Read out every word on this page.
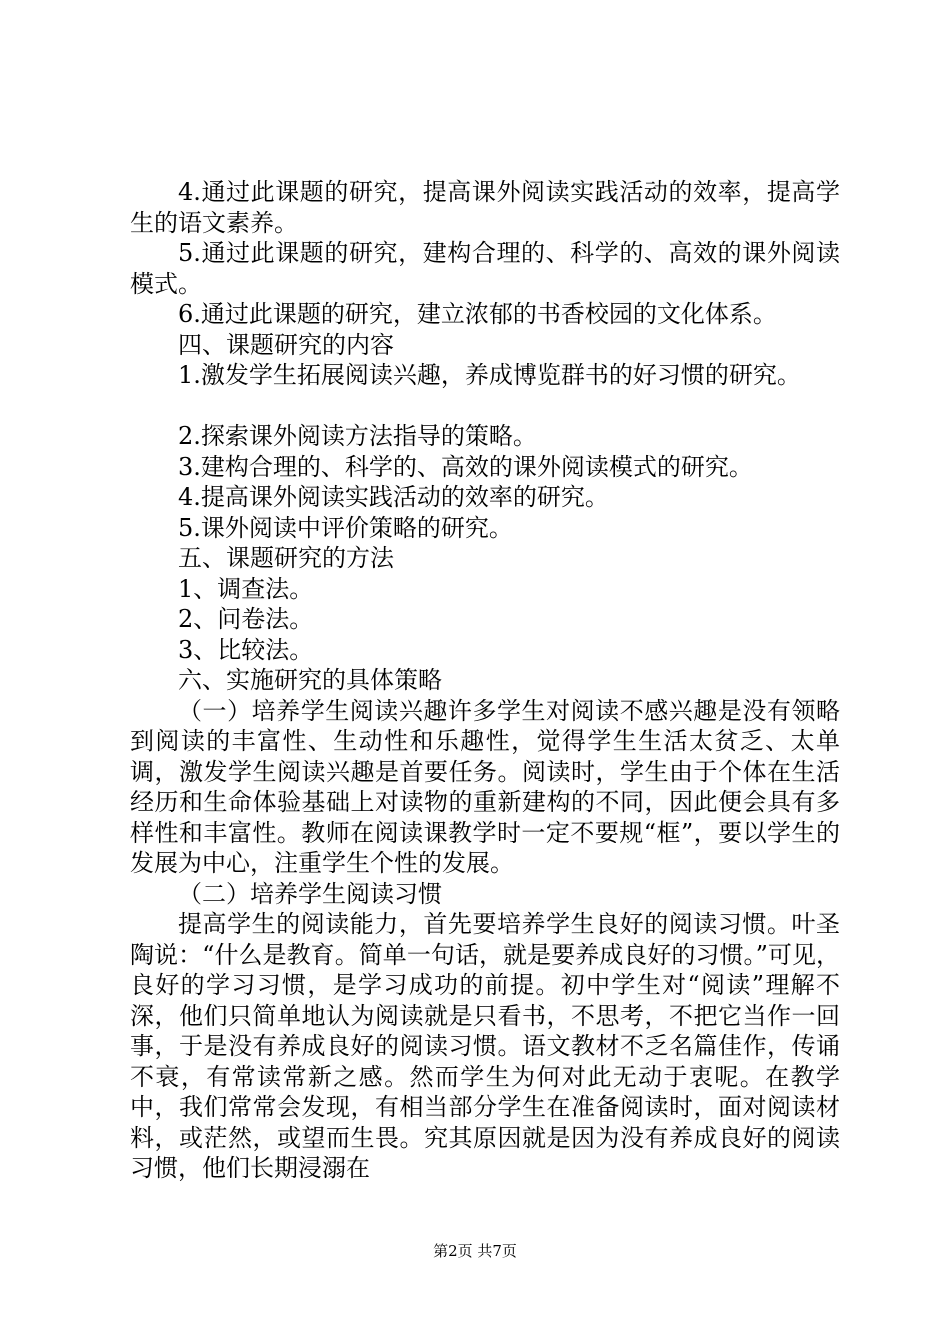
4.通过此课题的研究，提高课外阅读实践活动的效率，提高学生的语文素养。

5.通过此课题的研究，建构合理的、科学的、高效的课外阅读模式。

6.通过此课题的研究，建立浓郁的书香校园的文化体系。

四、课题研究的内容

1.激发学生拓展阅读兴趣，养成博览群书的好习惯的研究。

2.探索课外阅读方法指导的策略。

3.建构合理的、科学的、高效的课外阅读模式的研究。

4.提高课外阅读实践活动的效率的研究。

5.课外阅读中评价策略的研究。

五、课题研究的方法

1、调查法。

2、问卷法。

3、比较法。

六、实施研究的具体策略

（一）培养学生阅读兴趣许多学生对阅读不感兴趣是没有领略到阅读的丰富性、生动性和乐趣性，觉得学生生活太贫乏、太单调，激发学生阅读兴趣是首要任务。阅读时，学生由于个体在生活经历和生命体验基础上对读物的重新建构的不同，因此便会具有多样性和丰富性。教师在阅读课教学时一定不要规“框”，要以学生的发展为中心，注重学生个性的发展。

（二）培养学生阅读习惯

提高学生的阅读能力，首先要培养学生良好的阅读习惯。叶圣陶说：“什么是教育。简单一句话，就是要养成良好的习惯。”可见，良好的学习习惯，是学习成功的前提。初中学生对“阅读”理解不深，他们只简单地认为阅读就是只看书，不思考，不把它当作一回事，于是没有养成良好的阅读习惯。语文教材不乏名篇佳作，传诵不衰，有常读常新之感。然而学生为何对此无动于衷呢。在教学中，我们常常会发现，有相当部分学生在准备阅读时，面对阅读材料，或茫然，或望而生畏。究其原因就是因为没有养成良好的阅读习惯，他们长期浸溺在

第2页 共7页
